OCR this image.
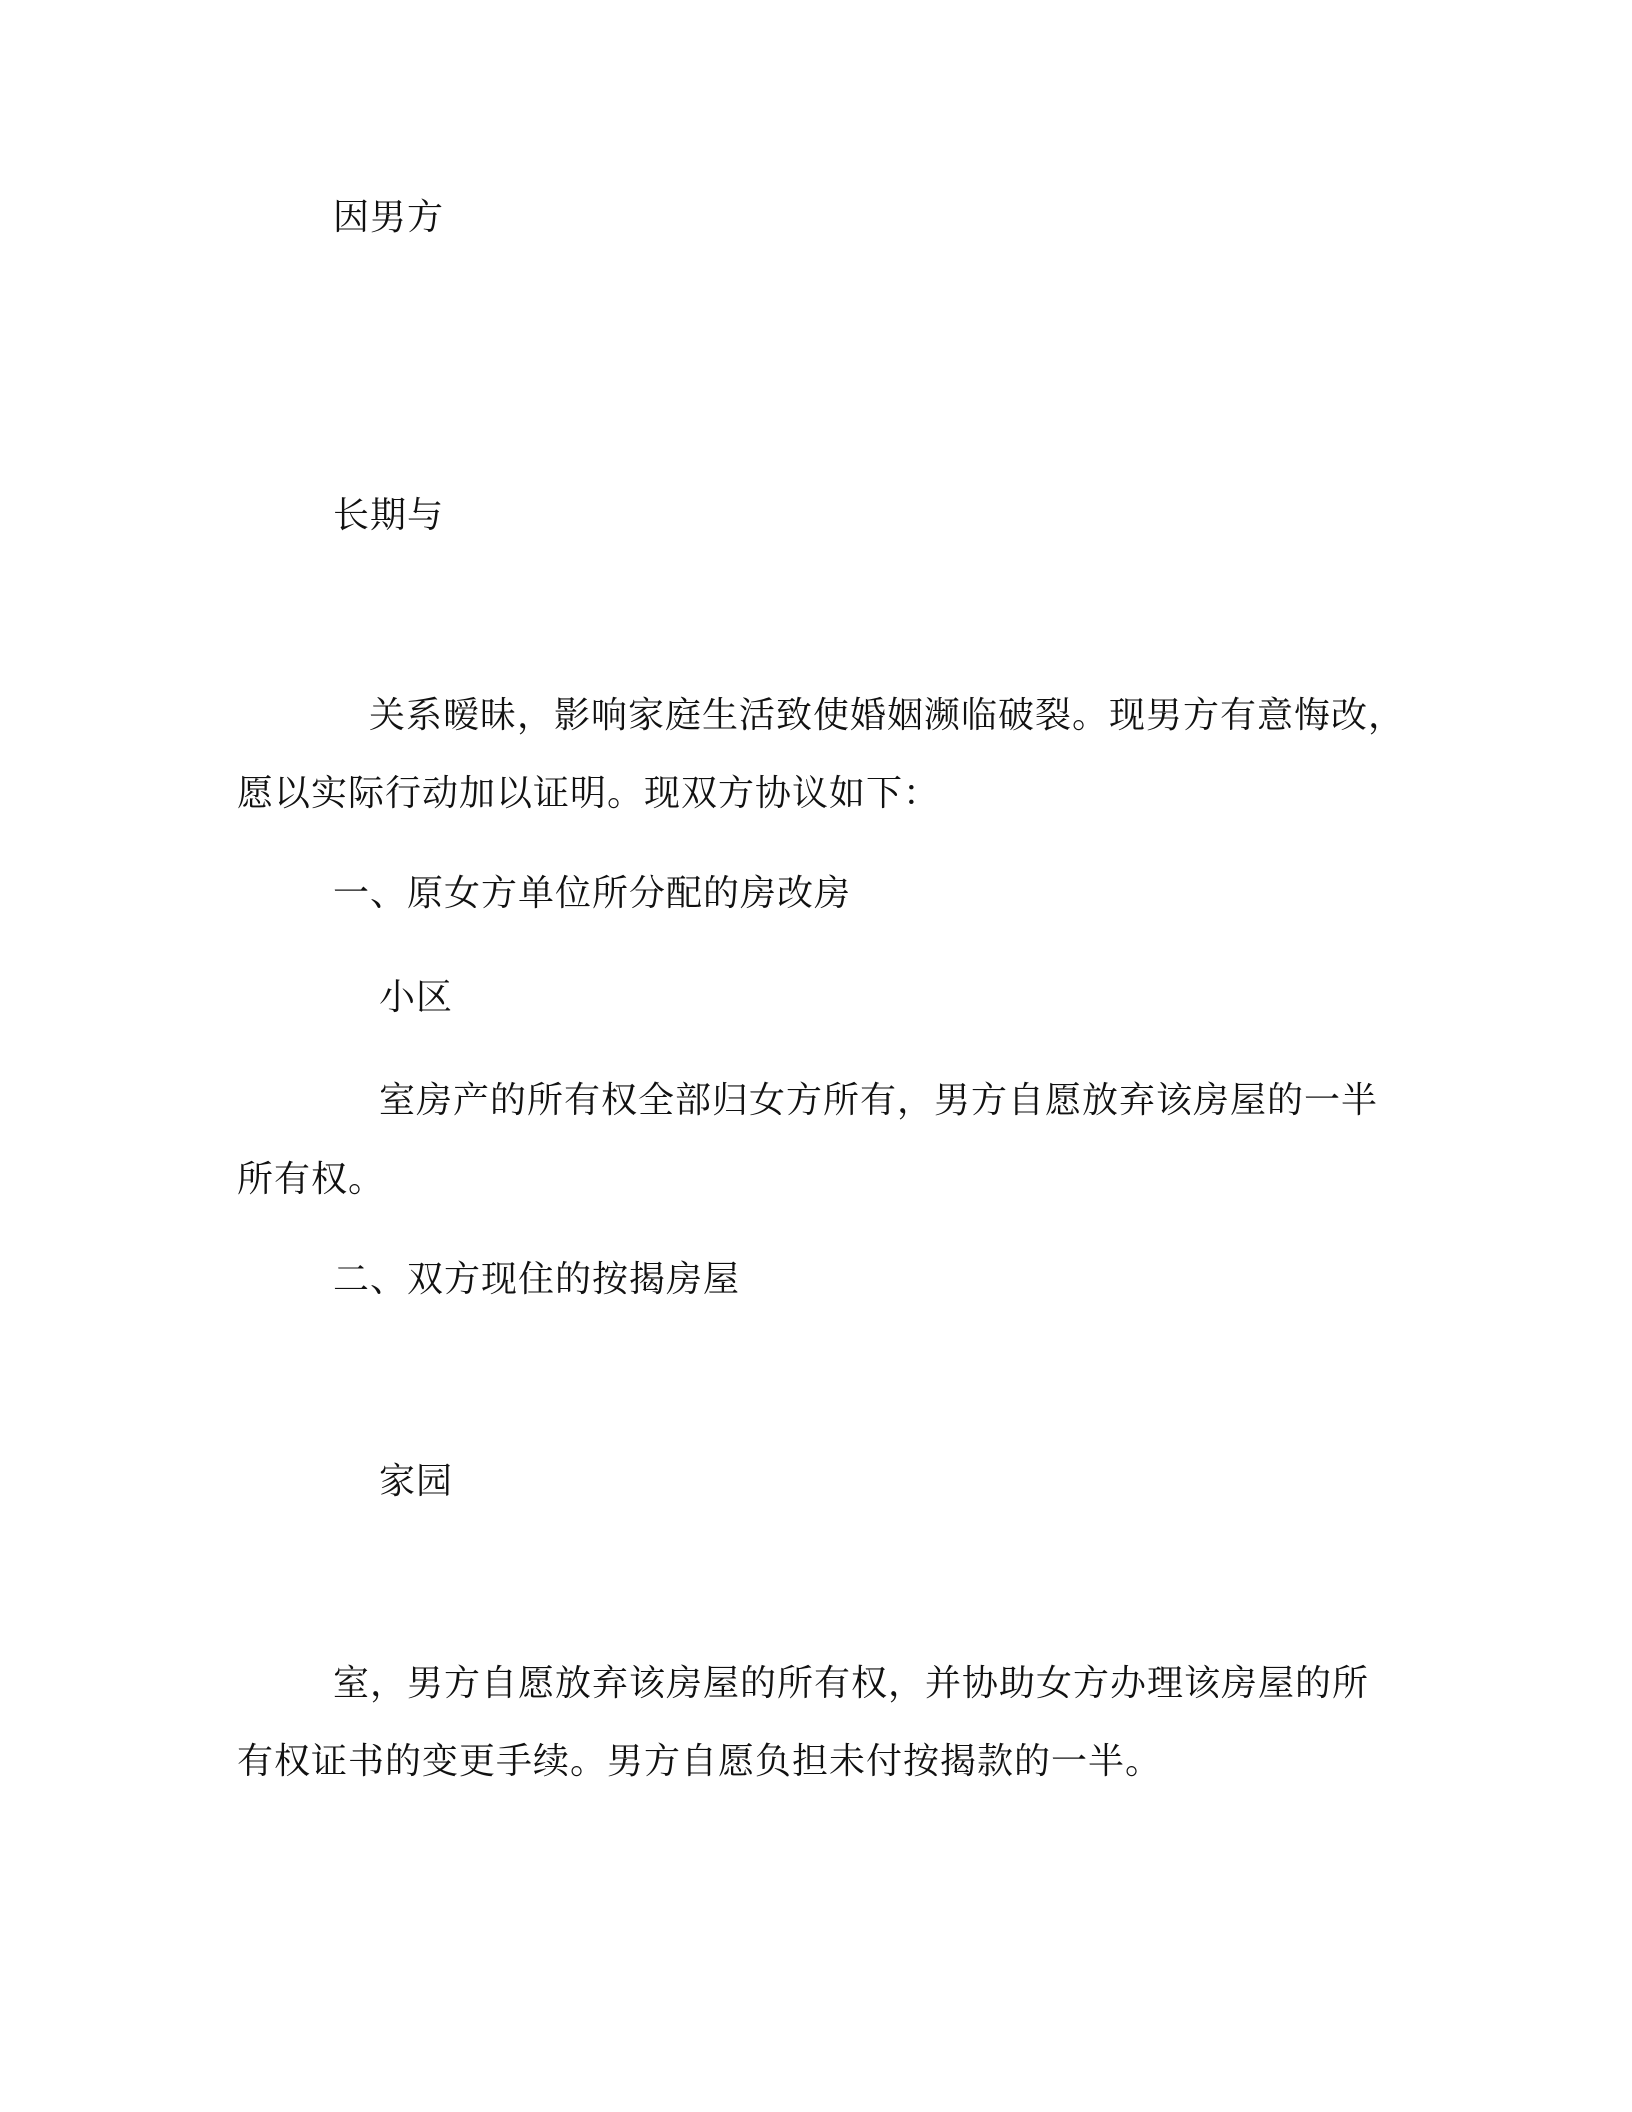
因男方
长期与
关系暧昧，影响家庭生活致使婚姻濒临破裂。现男方有意悔改，
愿以实际行动加以证明。现双方协议如下：
一、原女方单位所分配的房改房
小区
室房产的所有权全部归女方所有，男方自愿放弃该房屋的一半
所有权。
二、双方现住的按揭房屋
家园
室，男方自愿放弃该房屋的所有权，并协助女方办理该房屋的所
有权证书的变更手续。男方自愿负担未付按揭款的一半。
